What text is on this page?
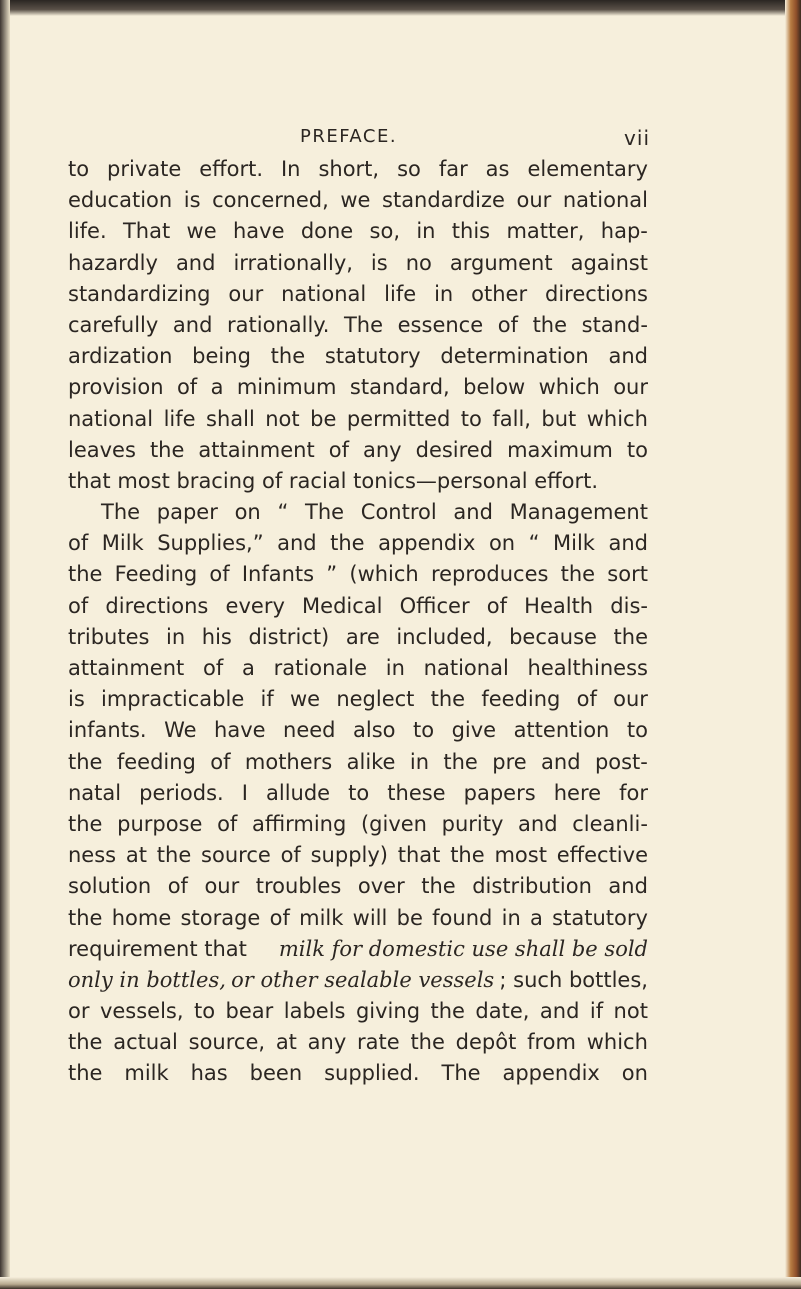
PREFACE.	vii
to private effort. In short, so far as elementary
education is concerned, we standardize our national
life. That we have done so, in this matter, hap-
hazardly and irrationally, is no argument against
standardizing our national life in other directions
carefully and rationally. The essence of the stand-
ardization being the statutory determination and
provision of a minimum standard, below which our
national life shall not be permitted to fall, but which
leaves the attainment of any desired maximum to
that most bracing of racial tonics—personal effort.
The paper on “ The Control and Management
of Milk Supplies,” and the appendix on “ Milk and
the Feeding of Infants ” (which reproduces the sort
of directions every Medical Officer of Health dis-
tributes in his district) are included, because the
attainment of a rationale in national healthiness
is impracticable if we neglect the feeding of our
infants. We have need also to give attention to
the feeding of mothers alike in the pre and post-
natal periods. I allude to these papers here for
the purpose of affirming (given purity and cleanli-
ness at the source of supply) that the most effective
solution of our troubles over the distribution and
the home storage of milk will be found in a statutory
requirement that milk for domestic use shall be sold
only in bottles, or other sealable vessels ; such bottles,
or vessels, to bear labels giving the date, and if not
the actual source, at any rate the depôt from which
the milk has been supplied. The appendix on
